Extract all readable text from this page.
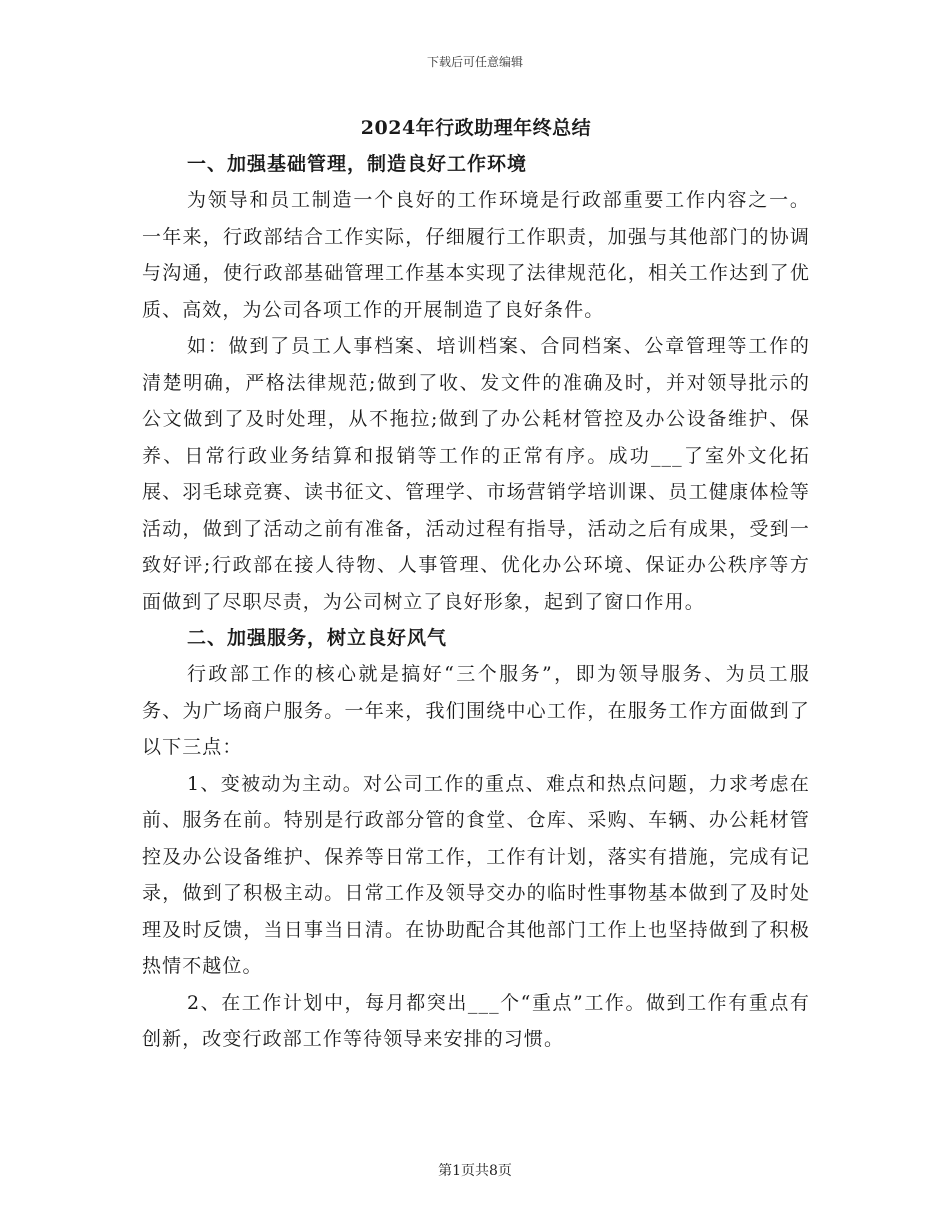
下载后可任意编辑
2024年行政助理年终总结
一、加强基础管理，制造良好工作环境

为领导和员工制造一个良好的工作环境是行政部重要工作内容之一。一年来，行政部结合工作实际，仔细履行工作职责，加强与其他部门的协调与沟通，使行政部基础管理工作基本实现了法律规范化，相关工作达到了优质、高效，为公司各项工作的开展制造了良好条件。

如：做到了员工人事档案、培训档案、合同档案、公章管理等工作的清楚明确，严格法律规范;做到了收、发文件的准确及时，并对领导批示的公文做到了及时处理，从不拖拉;做到了办公耗材管控及办公设备维护、保养、日常行政业务结算和报销等工作的正常有序。成功___了室外文化拓展、羽毛球竞赛、读书征文、管理学、市场营销学培训课、员工健康体检等活动，做到了活动之前有准备，活动过程有指导，活动之后有成果，受到一致好评;行政部在接人待物、人事管理、优化办公环境、保证办公秩序等方面做到了尽职尽责，为公司树立了良好形象，起到了窗口作用。

二、加强服务，树立良好风气

行政部工作的核心就是搞好“三个服务”，即为领导服务、为员工服务、为广场商户服务。一年来，我们围绕中心工作，在服务工作方面做到了以下三点：

1、变被动为主动。对公司工作的重点、难点和热点问题，力求考虑在前、服务在前。特别是行政部分管的食堂、仓库、采购、车辆、办公耗材管控及办公设备维护、保养等日常工作，工作有计划，落实有措施，完成有记录，做到了积极主动。日常工作及领导交办的临时性事物基本做到了及时处理及时反馈，当日事当日清。在协助配合其他部门工作上也坚持做到了积极热情不越位。

2、在工作计划中，每月都突出___个“重点”工作。做到工作有重点有创新，改变行政部工作等待领导来安排的习惯。

第1页共8页
